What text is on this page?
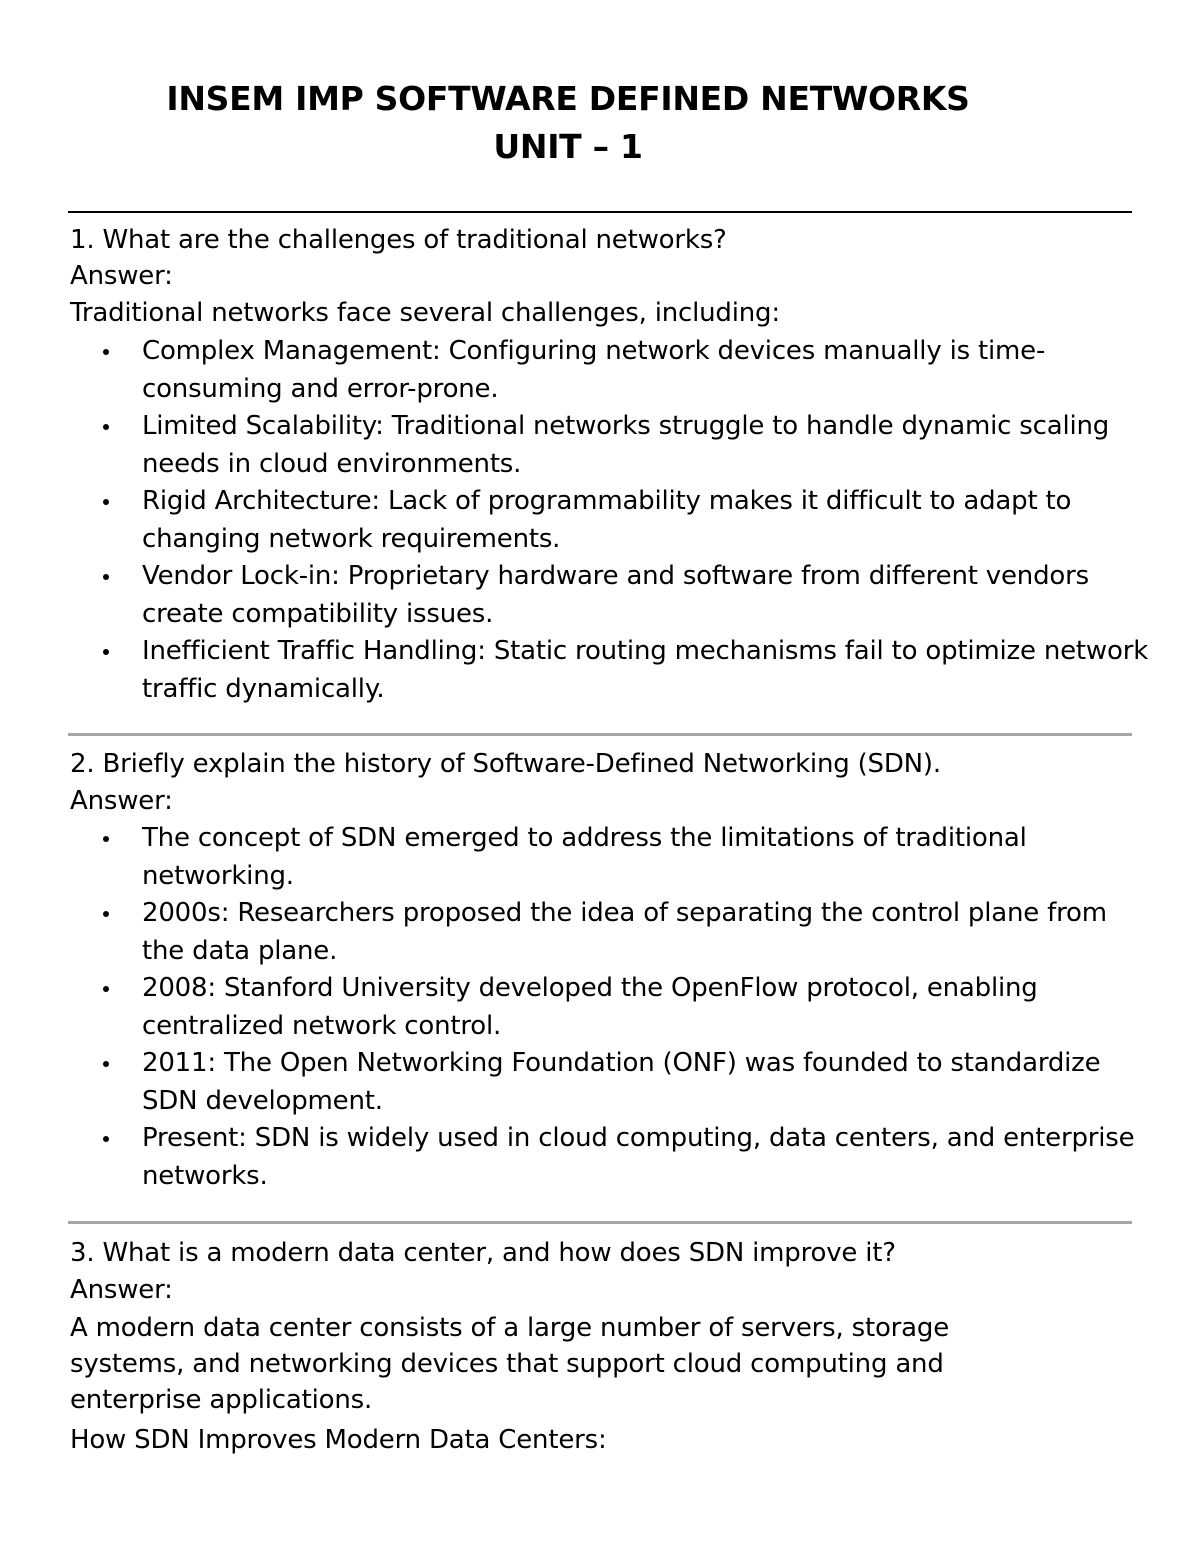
INSEM IMP SOFTWARE DEFINED NETWORKS
UNIT – 1

1. What are the challenges of traditional networks?

Answer:

Traditional networks face several challenges, including:

Complex Management: Configuring network devices manually is time-consuming and error-prone.
Limited Scalability: Traditional networks struggle to handle dynamic scaling needs in cloud environments.
Rigid Architecture: Lack of programmability makes it difficult to adapt to changing network requirements.
Vendor Lock-in: Proprietary hardware and software from different vendors create compatibility issues.
Inefficient Traffic Handling: Static routing mechanisms fail to optimize network traffic dynamically.

2. Briefly explain the history of Software-Defined Networking (SDN).

Answer:

The concept of SDN emerged to address the limitations of traditional networking.
2000s: Researchers proposed the idea of separating the control plane from the data plane.
2008: Stanford University developed the OpenFlow protocol, enabling centralized network control.
2011: The Open Networking Foundation (ONF) was founded to standardize SDN development.
Present: SDN is widely used in cloud computing, data centers, and enterprise networks.

3. What is a modern data center, and how does SDN improve it?

Answer:

A modern data center consists of a large number of servers, storage systems, and networking devices that support cloud computing and enterprise applications.

How SDN Improves Modern Data Centers:
